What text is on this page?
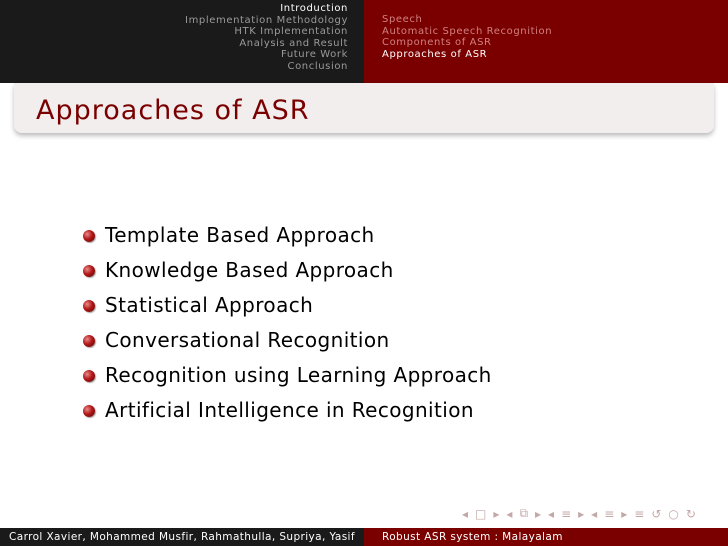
Introduction
Implementation Methodology
HTK Implementation
Analysis and Result
Future Work
Conclusion
Speech
Automatic Speech Recognition
Components of ASR
Approaches of ASR
Approaches of ASR
Template Based Approach
Knowledge Based Approach
Statistical Approach
Conversational Recognition
Recognition using Learning Approach
Artificial Intelligence in Recognition
◂ □ ▸ ◂ ⧉ ▸ ◂ ≡ ▸ ◂ ≡ ▸ ≡ ↺ ○ ↻
Carrol Xavier, Mohammed Musfir, Rahmathulla, Supriya, Yasif	Robust ASR system : Malayalam
